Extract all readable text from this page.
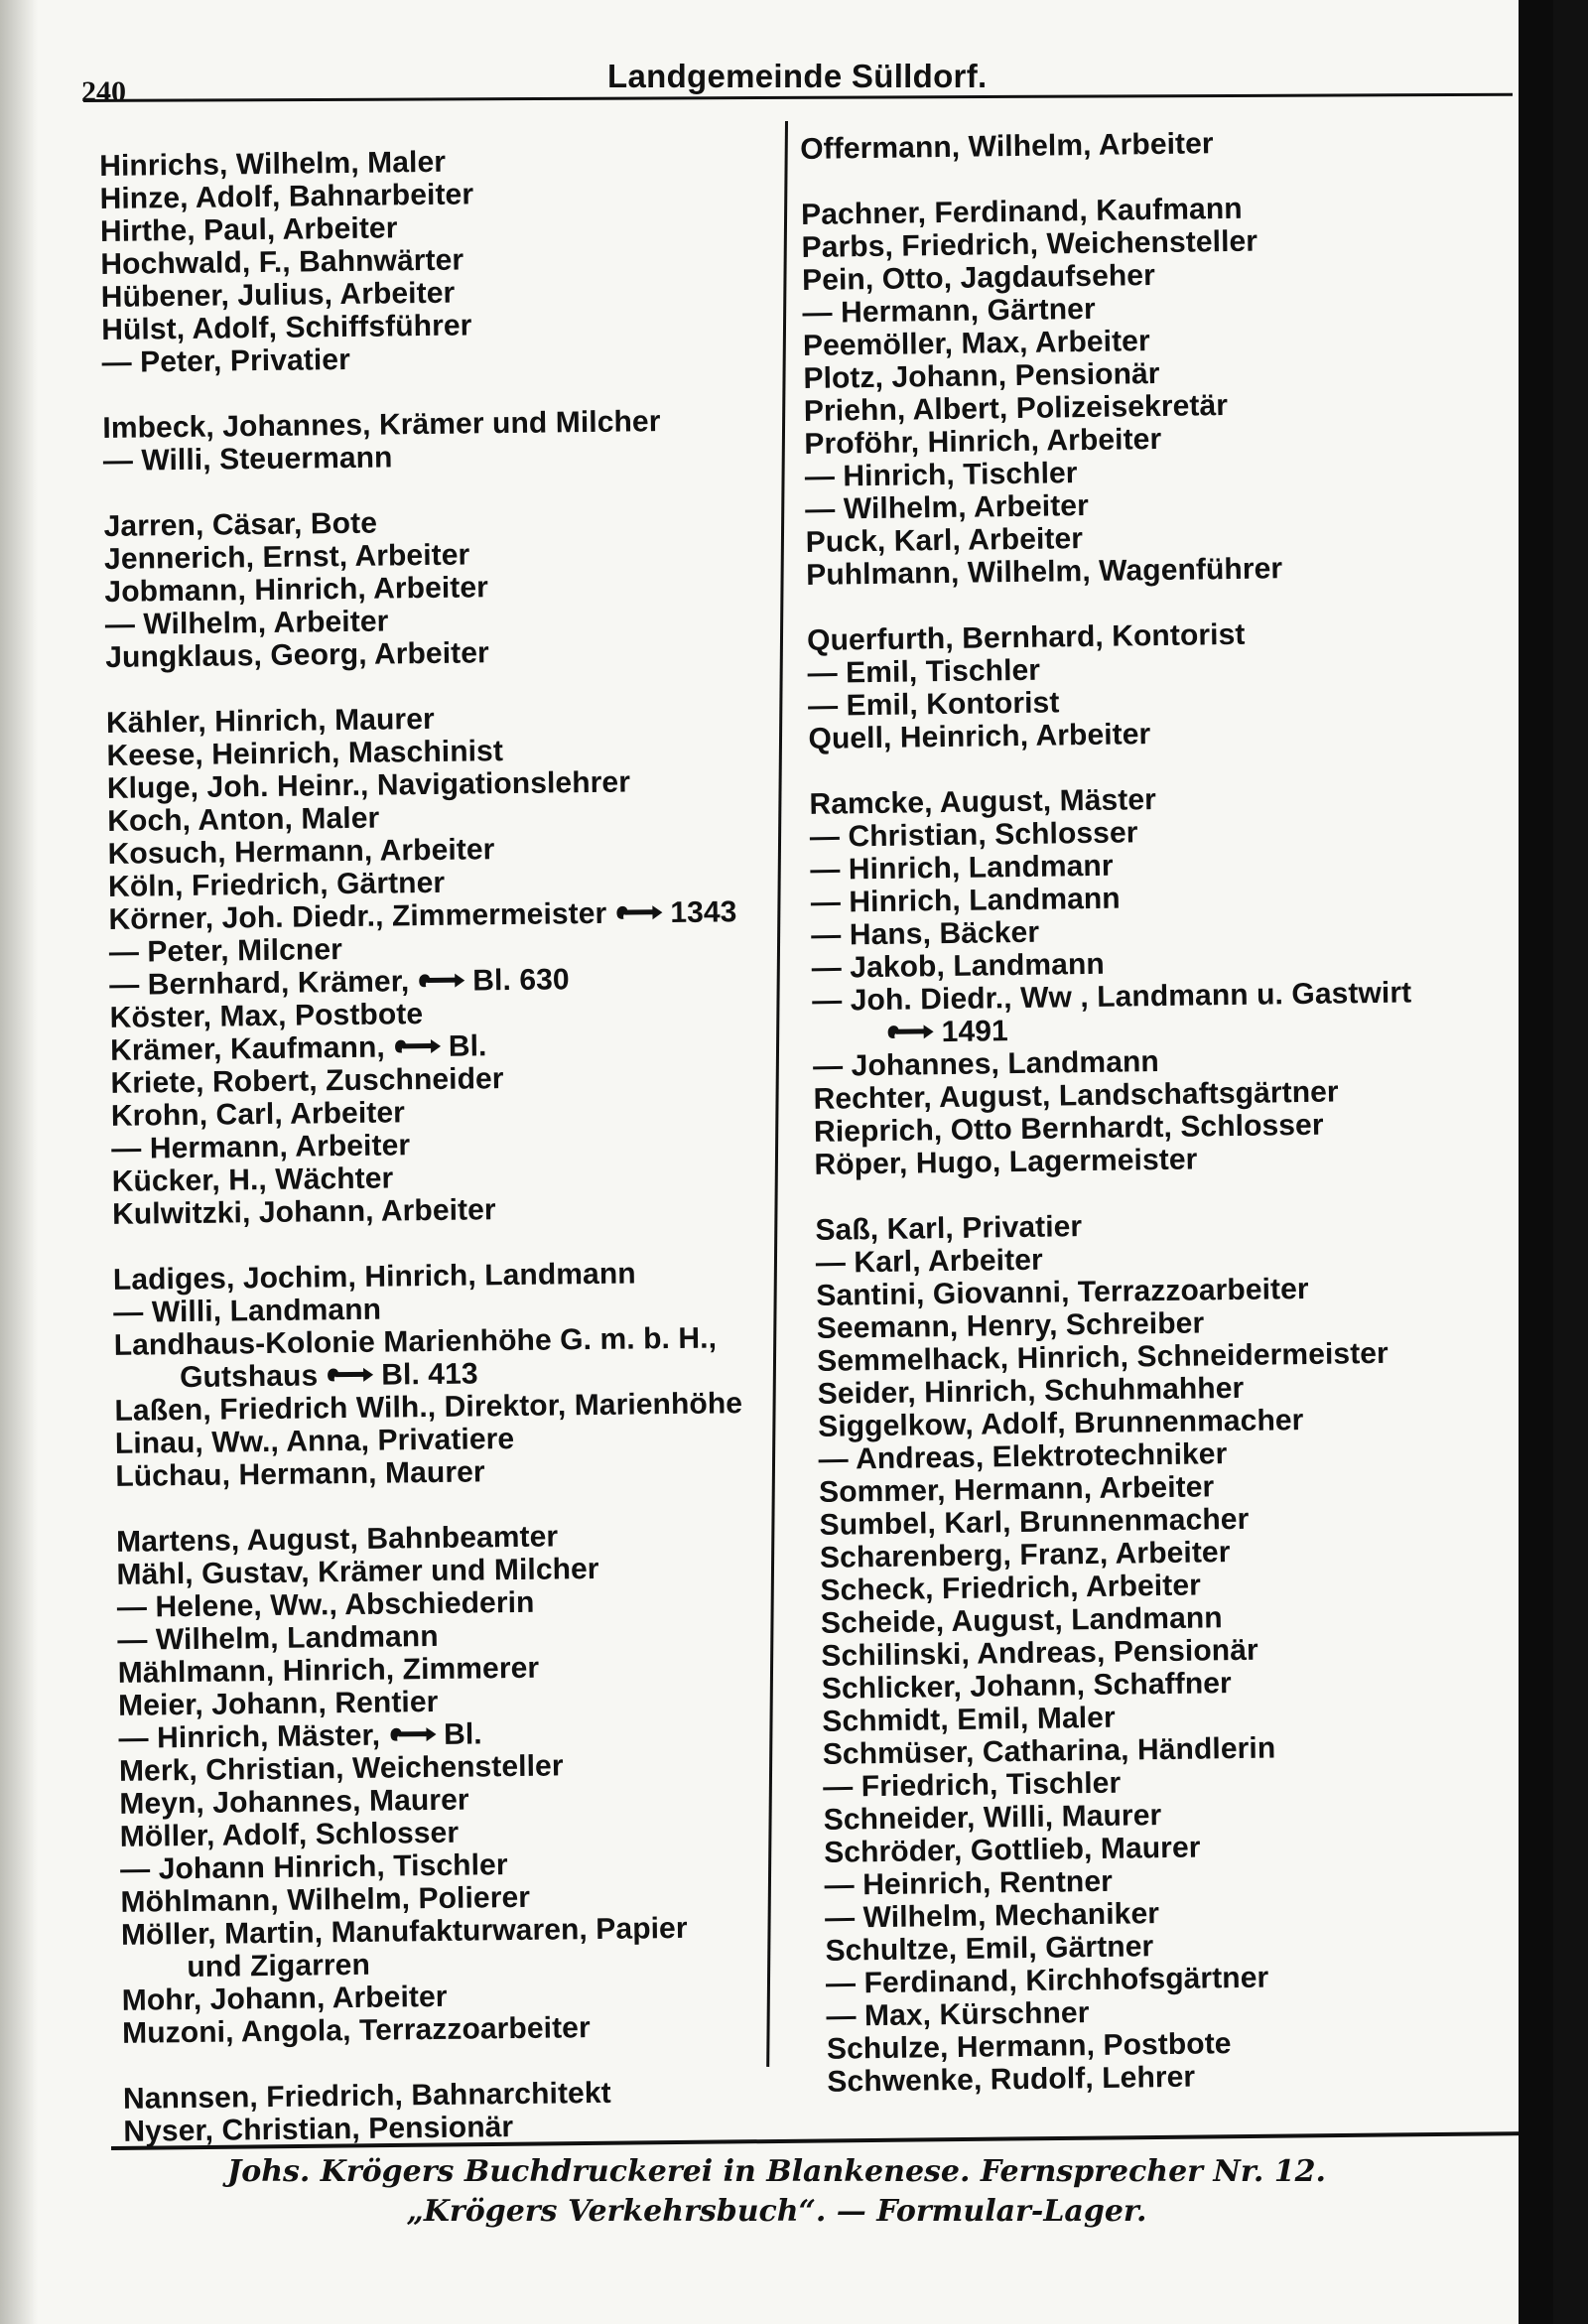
240	Landgemeinde Sülldorf.
Hinrichs, Wilhelm, Maler
Hinze, Adolf, Bahnarbeiter
Hirthe, Paul, Arbeiter
Hochwald, F., Bahnwärter
Hübener, Julius, Arbeiter
Hülst, Adolf, Schiffsführer
— Peter, Privatier
Imbeck, Johannes, Krämer und Milcher
— Willi, Steuermann
Jarren, Cäsar, Bote
Jennerich, Ernst, Arbeiter
Jobmann, Hinrich, Arbeiter
— Wilhelm, Arbeiter
Jungklaus, Georg, Arbeiter
Kähler, Hinrich, Maurer
Keese, Heinrich, Maschinist
Kluge, Joh. Heinr., Navigationslehrer
Koch, Anton, Maler
Kosuch, Hermann, Arbeiter
Köln, Friedrich, Gärtner
Körner, Joh. Diedr., Zimmermeister 1343
— Peter, Milcner
— Bernhard, Krämer, Bl. 630
Köster, Max, Postbote
Krämer, Kaufmann, Bl.
Kriete, Robert, Zuschneider
Krohn, Carl, Arbeiter
— Hermann, Arbeiter
Kücker, H., Wächter
Kulwitzki, Johann, Arbeiter
Ladiges, Jochim, Hinrich, Landmann
— Willi, Landmann
Landhaus-Kolonie Marienhöhe G. m. b. H.,
Gutshaus Bl. 413
Laßen, Friedrich Wilh., Direktor, Marienhöhe
Linau, Ww., Anna, Privatiere
Lüchau, Hermann, Maurer
Martens, August, Bahnbeamter
Mähl, Gustav, Krämer und Milcher
— Helene, Ww., Abschiederin
— Wilhelm, Landmann
Mählmann, Hinrich, Zimmerer
Meier, Johann, Rentier
— Hinrich, Mäster, Bl.
Merk, Christian, Weichensteller
Meyn, Johannes, Maurer
Möller, Adolf, Schlosser
— Johann Hinrich, Tischler
Möhlmann, Wilhelm, Polierer
Möller, Martin, Manufakturwaren, Papier
und Zigarren
Mohr, Johann, Arbeiter
Muzoni, Angola, Terrazzoarbeiter
Nannsen, Friedrich, Bahnarchitekt
Nyser, Christian, Pensionär
Offermann, Wilhelm, Arbeiter
Pachner, Ferdinand, Kaufmann
Parbs, Friedrich, Weichensteller
Pein, Otto, Jagdaufseher
— Hermann, Gärtner
Peemöller, Max, Arbeiter
Plotz, Johann, Pensionär
Priehn, Albert, Polizeisekretär
Proföhr, Hinrich, Arbeiter
— Hinrich, Tischler
— Wilhelm, Arbeiter
Puck, Karl, Arbeiter
Puhlmann, Wilhelm, Wagenführer
Querfurth, Bernhard, Kontorist
— Emil, Tischler
— Emil, Kontorist
Quell, Heinrich, Arbeiter
Ramcke, August, Mäster
— Christian, Schlosser
— Hinrich, Landmanr
— Hinrich, Landmann
— Hans, Bäcker
— Jakob, Landmann
— Joh. Diedr., Ww , Landmann u. Gastwirt
1491
— Johannes, Landmann
Rechter, August, Landschaftsgärtner
Rieprich, Otto Bernhardt, Schlosser
Röper, Hugo, Lagermeister
Saß, Karl, Privatier
— Karl, Arbeiter
Santini, Giovanni, Terrazzoarbeiter
Seemann, Henry, Schreiber
Semmelhack, Hinrich, Schneidermeister
Seider, Hinrich, Schuhmahher
Siggelkow, Adolf, Brunnenmacher
— Andreas, Elektrotechniker
Sommer, Hermann, Arbeiter
Sumbel, Karl, Brunnenmacher
Scharenberg, Franz, Arbeiter
Scheck, Friedrich, Arbeiter
Scheide, August, Landmann
Schilinski, Andreas, Pensionär
Schlicker, Johann, Schaffner
Schmidt, Emil, Maler
Schmüser, Catharina, Händlerin
— Friedrich, Tischler
Schneider, Willi, Maurer
Schröder, Gottlieb, Maurer
— Heinrich, Rentner
— Wilhelm, Mechaniker
Schultze, Emil, Gärtner
— Ferdinand, Kirchhofsgärtner
— Max, Kürschner
Schulze, Hermann, Postbote
Schwenke, Rudolf, Lehrer
Johs. Krögers Buchdruckerei in Blankenese. Fernsprecher Nr. 12.
„Krögers Verkehrsbuch“. — Formular-Lager.
